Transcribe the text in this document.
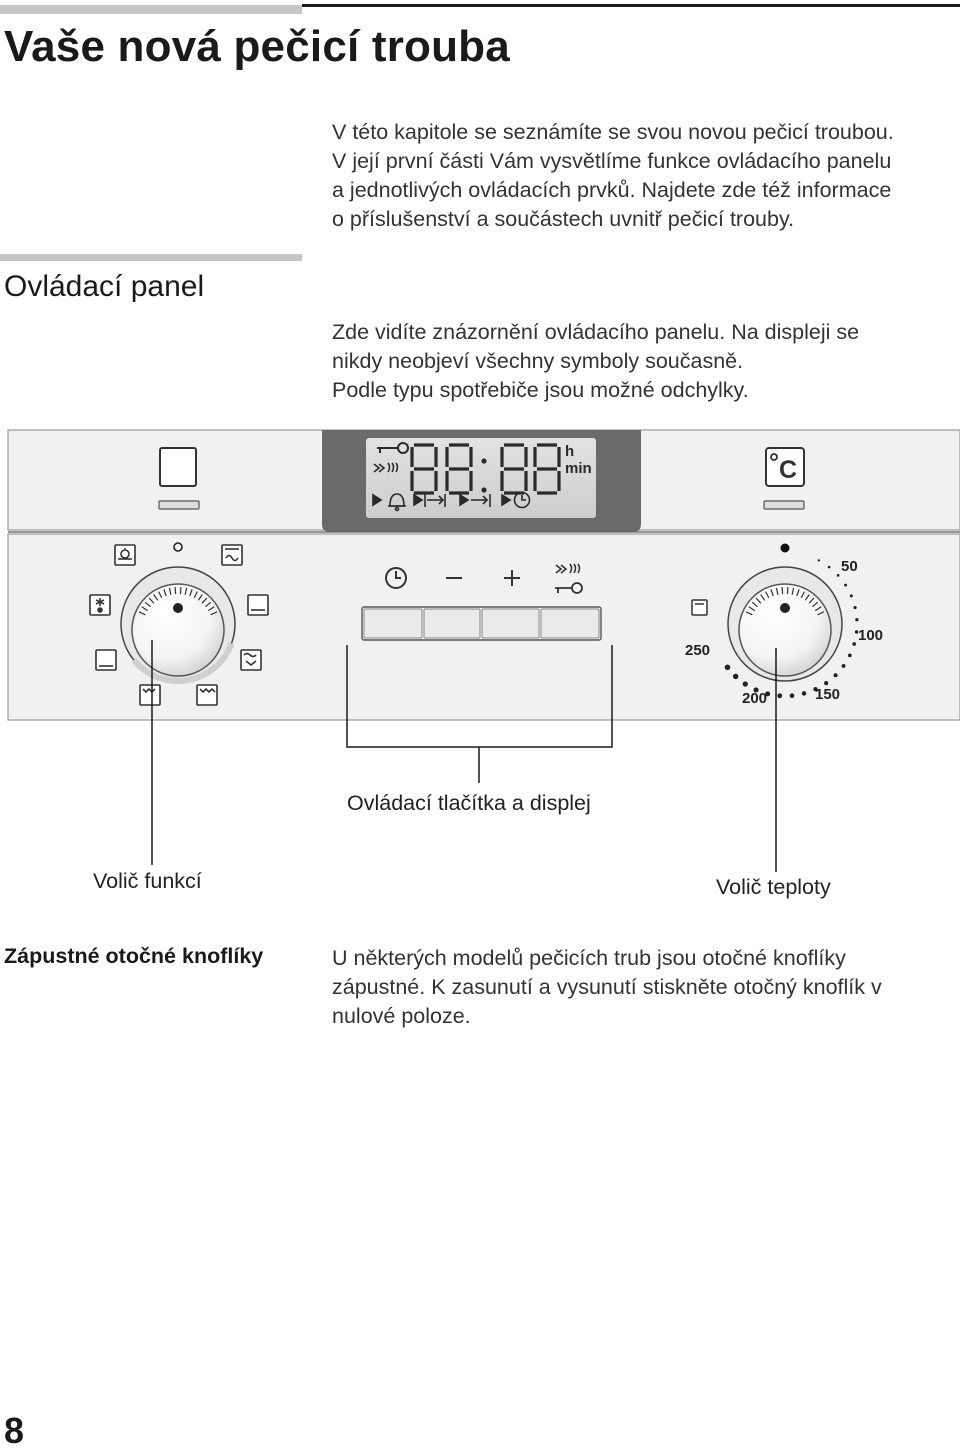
Vaše nová pečicí trouba
V této kapitole se seznámíte se svou novou pečicí troubou.
V její první části Vám vysvětlíme funkce ovládacího panelu
a jednotlivých ovládacích prvků. Najdete zde též informace
o příslušenství a součástech uvnitř pečicí trouby.
Ovládací panel
Zde vidíte znázornění ovládacího panelu. Na displeji se
nikdy neobjeví všechny symboly současně.
Podle typu spotřebiče jsou možné odchylky.
h
min	C
50
100
150
200
250
Ovládací tlačítka a displej
Volič funkcí	Volič teploty
Zápustné otočné knoflíky	U některých modelů pečicích trub jsou otočné knoflíky
zápustné. K zasunutí a vysunutí stiskněte otočný knoflík v
nulové poloze.
8
